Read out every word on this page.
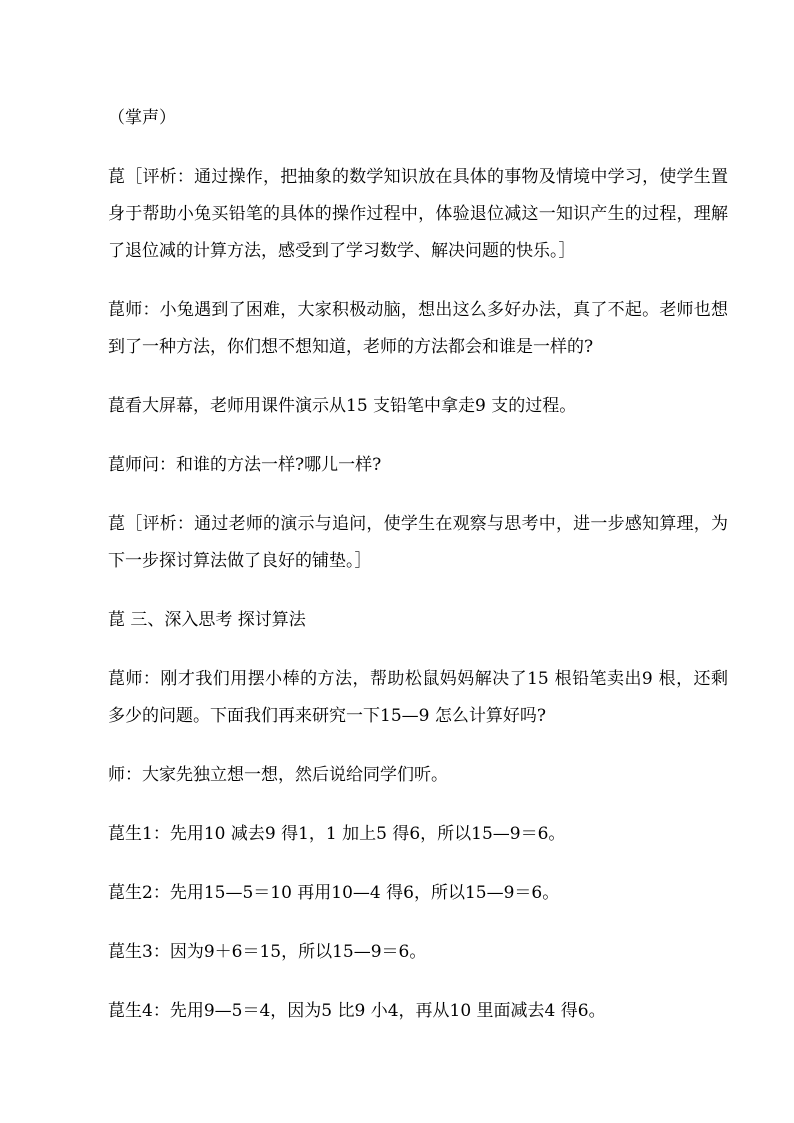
（掌声）

菎［评析：通过操作，把抽象的数学知识放在具体的事物及情境中学习，使学生置身于帮助小兔买铅笔的具体的操作过程中，体验退位减这一知识产生的过程，理解了退位减的计算方法，感受到了学习数学、解决问题的快乐。］

菎师：小兔遇到了困难，大家积极动脑，想出这么多好办法，真了不起。老师也想到了一种方法，你们想不想知道，老师的方法都会和谁是一样的?

菎看大屏幕，老师用课件演示从15 支铅笔中拿走9 支的过程。

菎师问：和谁的方法一样?哪儿一样?

菎［评析：通过老师的演示与追问，使学生在观察与思考中，进一步感知算理，为下一步探讨算法做了良好的铺垫。］

菎 三、深入思考 探讨算法

菎师：刚才我们用摆小棒的方法，帮助松鼠妈妈解决了15 根铅笔卖出9 根，还剩多少的问题。下面我们再来研究一下15—9 怎么计算好吗?

师：大家先独立想一想，然后说给同学们听。

菎生1：先用10 减去9 得1，1 加上5 得6，所以15—9＝6。

菎生2：先用15—5＝10 再用10—4 得6，所以15—9＝6。

菎生3：因为9＋6＝15，所以15—9＝6。

菎生4：先用9—5＝4，因为5 比9 小4，再从10 里面减去4 得6。
